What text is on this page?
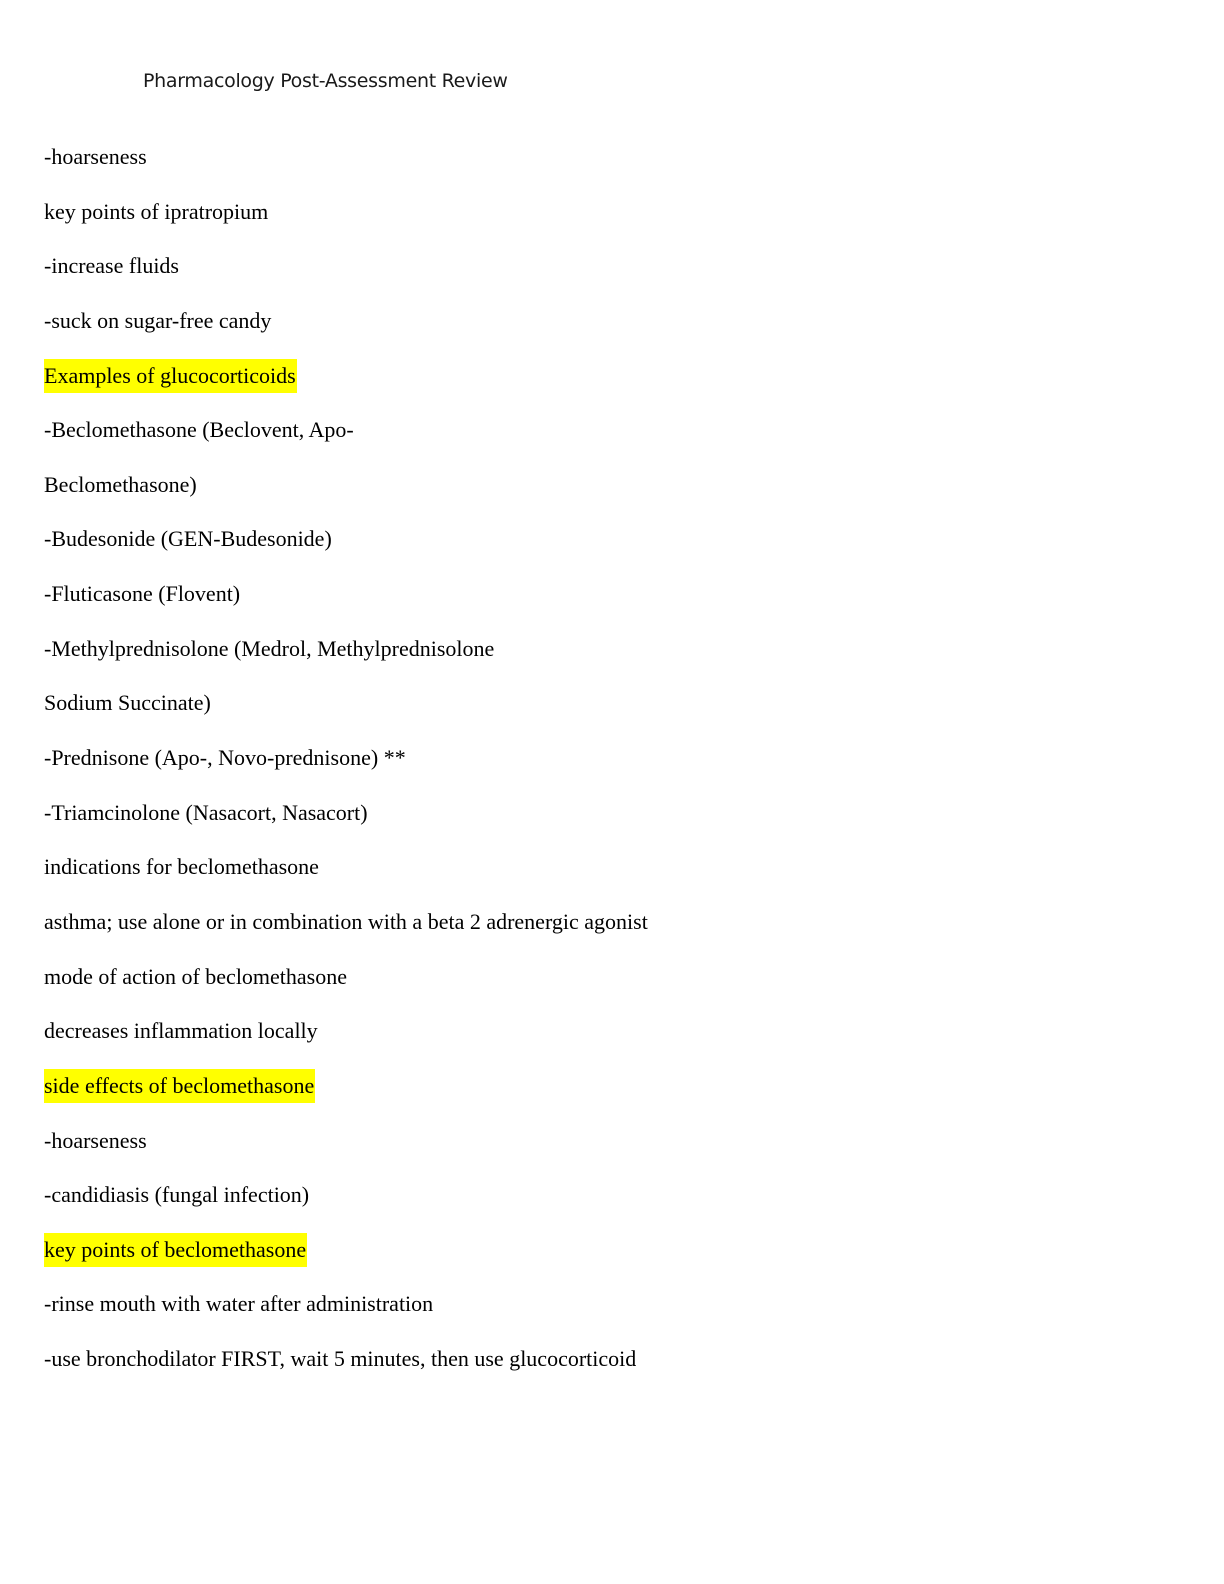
Pharmacology Post-Assessment Review
-hoarseness
key points of ipratropium
-increase fluids
-suck on sugar-free candy
Examples of glucocorticoids
-Beclomethasone (Beclovent, Apo-
Beclomethasone)
-Budesonide (GEN-Budesonide)
-Fluticasone (Flovent)
-Methylprednisolone (Medrol, Methylprednisolone
Sodium Succinate)
-Prednisone (Apo-, Novo-prednisone) **
-Triamcinolone (Nasacort, Nasacort)
indications for beclomethasone
asthma; use alone or in combination with a beta 2 adrenergic agonist
mode of action of beclomethasone
decreases inflammation locally
side effects of beclomethasone
-hoarseness
-candidiasis (fungal infection)
key points of beclomethasone
-rinse mouth with water after administration
-use bronchodilator FIRST, wait 5 minutes, then use glucocorticoid
